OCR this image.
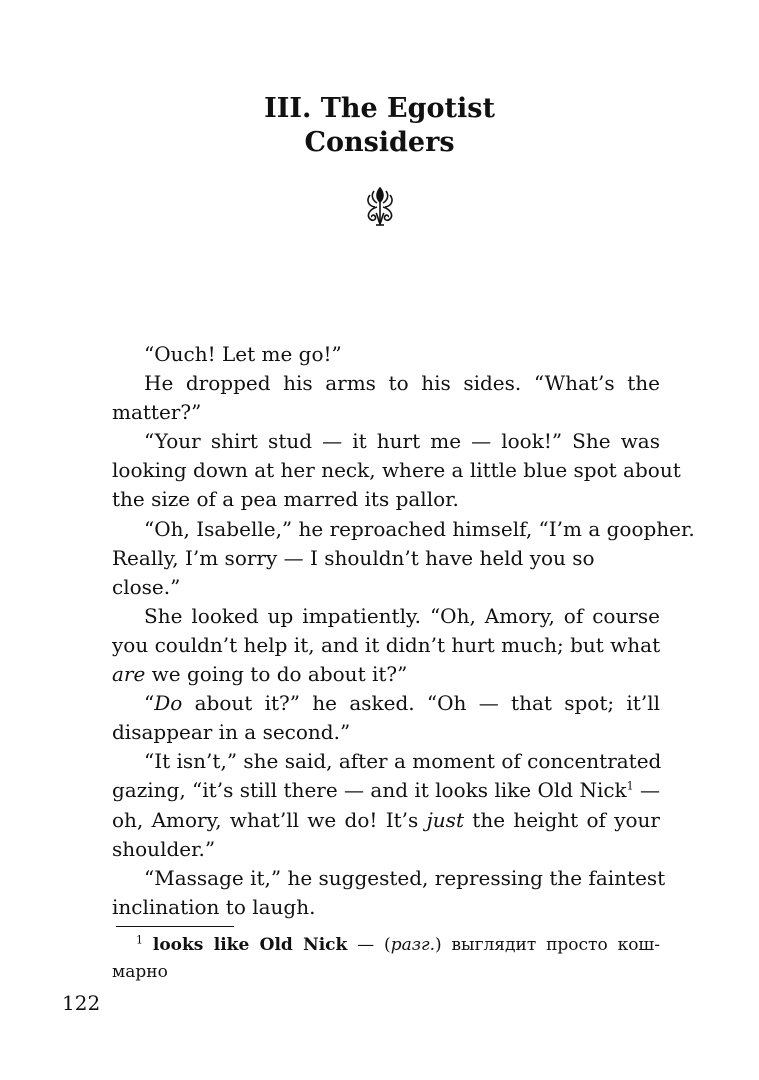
III. The Egotist
Considers
“Ouch! Let me go!”
He dropped his arms to his sides. “What’s the
matter?”
“Your shirt stud — it hurt me — look!” She was
looking down at her neck, where a little blue spot about
the size of a pea marred its pallor.
“Oh, Isabelle,” he reproached himself, “I’m a goopher.
Really, I’m sorry — I shouldn’t have held you so close.”
She looked up impatiently. “Oh, Amory, of course
you couldn’t help it, and it didn’t hurt much; but what
are we going to do about it?”
“Do about it?” he asked. “Oh — that spot; it’ll
disappear in a second.”
“It isn’t,” she said, after a moment of concentrated
gazing, “it’s still there — and it looks like Old Nick$^1$ —
oh, Amory, what’ll we do! It’s just the height of your
shoulder.”
“Massage it,” he suggested, repressing the faintest
inclination to laugh.
$^1$ looks like Old Nick — (разг.) выглядит просто кош-
марно
122
